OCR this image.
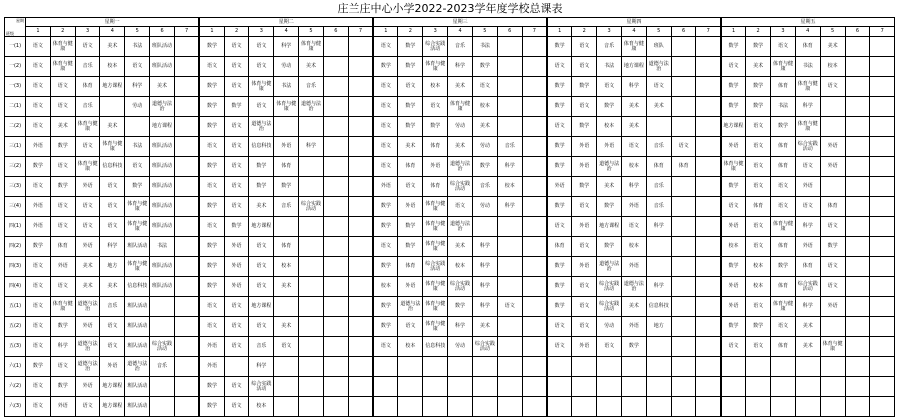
庄兰庄中心小学2022-2023学年度学校总课表
星期
班级	星期一							星期二							星期三							星期四							星期五						
	1	2	3	4	5	6	7	1	2	3	4	5	6	7	1	2	3	4	5	6	7	1	2	3	4	5	6	7	1	2	3	4	5	6	7
一(1)	语文	体育与健康	语文	美术	书法	班队活动		数学	语文	语文	科学	体育与健康			语文	数学	综合实践活动	音乐	书法			数学	语文	音乐	体育与健康	班队			数学	数学	语文	体育	美术		
一(2)	语文	体育与健康	音乐	校本	语文	班队活动		语文	语文	语文	劳动	美术			数学	数学	体育与健康	科学	数学			语文	语文	书法	地方课程	道德与法治			语文	美术	体育与健康	书法	校本		
一(3)	语文	语文	体育	地方课程	科学	美术		数学	语文	体育与健康	书法	音乐			语文	语文	校本	美术	语文			数学	数学	语文	科学	语文			数学	数学	体育	体育与健康	语文		
二(1)	语文	语文	音乐		劳动	道德与法治		数学	数学	语文	体育与健康	道德与法治			语文	数学	语文	体育与健康	校本			数学	语文	数学	美术	美术			数学	数学	书法	科学			
二(2)	语文	美术	体育与健康	美术		地方课程		数学	语文	道德与法治					语文	数学	数学	劳动	美术			语文	数学	校本	美术				地方课程	语文	数学	体育与健康			
三(1)	外语	数学	语文	体育与健康	书法	班队活动		语文	语文	信息科技	外语	科学			语文	美术	体育	美术	劳动	音乐		数学	外语	外语	语文	音乐	语文		外语	语文	体育	综合实践活动	外语		
三(2)	数学	语文	体育与健康	信息科技	语文	班队活动		数学	语文	数学	体育				语文	体育	外语	道德与法治	数学	科学		数学	外语	道德与法治	校本	体育	体育		体育与健康	语文	体育	语文	外语		
三(3)	语文	数学	外语	语文	数学	班队活动		语文	语文	数学	数学				外语	语文	体育	综合实践活动	音乐	校本		外语	数学	美术	科学	音乐			数学	语文	语文	外语			
三(4)	外语	语文	语文	语文	体育与健康	班队活动		数学	语文	美术	音乐	综合实践活动			数学	外语	体育与健康	语文	劳动	科学		数学	语文	数学	外语	音乐			语文	体育	语文	语文	体育		
四(1)	外语	语文	语文	语文	体育与健康	班队活动		语文	数学	地方课程					数学	数学	体育与健康	道德与法治				语文	外语	地方课程	语文	科学			外语	语文	体育与健康	科学	语文		
四(2)	数学	体育	外语	科学	班队活动	书法		数学	外语	语文	体育				语文	数学	体育与健康	美术	科学			体育	语文	数学	校本				校本	语文	体育	外语	数学		
四(3)	语文	外语	美术	地方	体育与健康	班队活动		数学	外语	语文	校本				数学	体育	综合实践活动	校本	科学			数学	外语	道德与法治	外语				数学	校本	数学	体育	语文		
四(4)	语文	语文	美术	美术	信息科技	班队活动		数学	外语	语文	美术				校本	外语	体育与健康	综合实践活动	科学			数学	语文	综合实践活动	道德与法治	科学			外语	校本	体育	综合实践活动	语文		
五(1)	语文	体育与健康	道德与法治	音乐	班队活动			语文	语文	地方课程					数学	道德与法治	体育与健康	数学	科学	语文		数学	语文	综合实践活动	美术	信息科技			外语	语文	体育与健康	科学	外语		
五(2)	语文	数学	外语	语文	班队活动			语文	语文	语文	美术				数学	语文	体育与健康	科学	美术			语文	语文	劳动	外语	地方			数学	数学	语文	美术			
五(3)	语文	科学	道德与法治	语文	班队活动	综合实践活动		外语	语文	音乐	语文				语文	校本	信息科技	劳动	综合实践活动			语文	外语	语文	数学				语文	语文	体育	美术	体育与健康		
六(1)	数学	语文	道德与法治	外语	道德与法治	音乐		外语		科学																									
六(2)	语文	数学	外语	地方课程	班队活动			数学	语文	综合实践活动																									
六(3)	语文	外语	语文	地方课程	班队活动			数学	语文	校本																									
